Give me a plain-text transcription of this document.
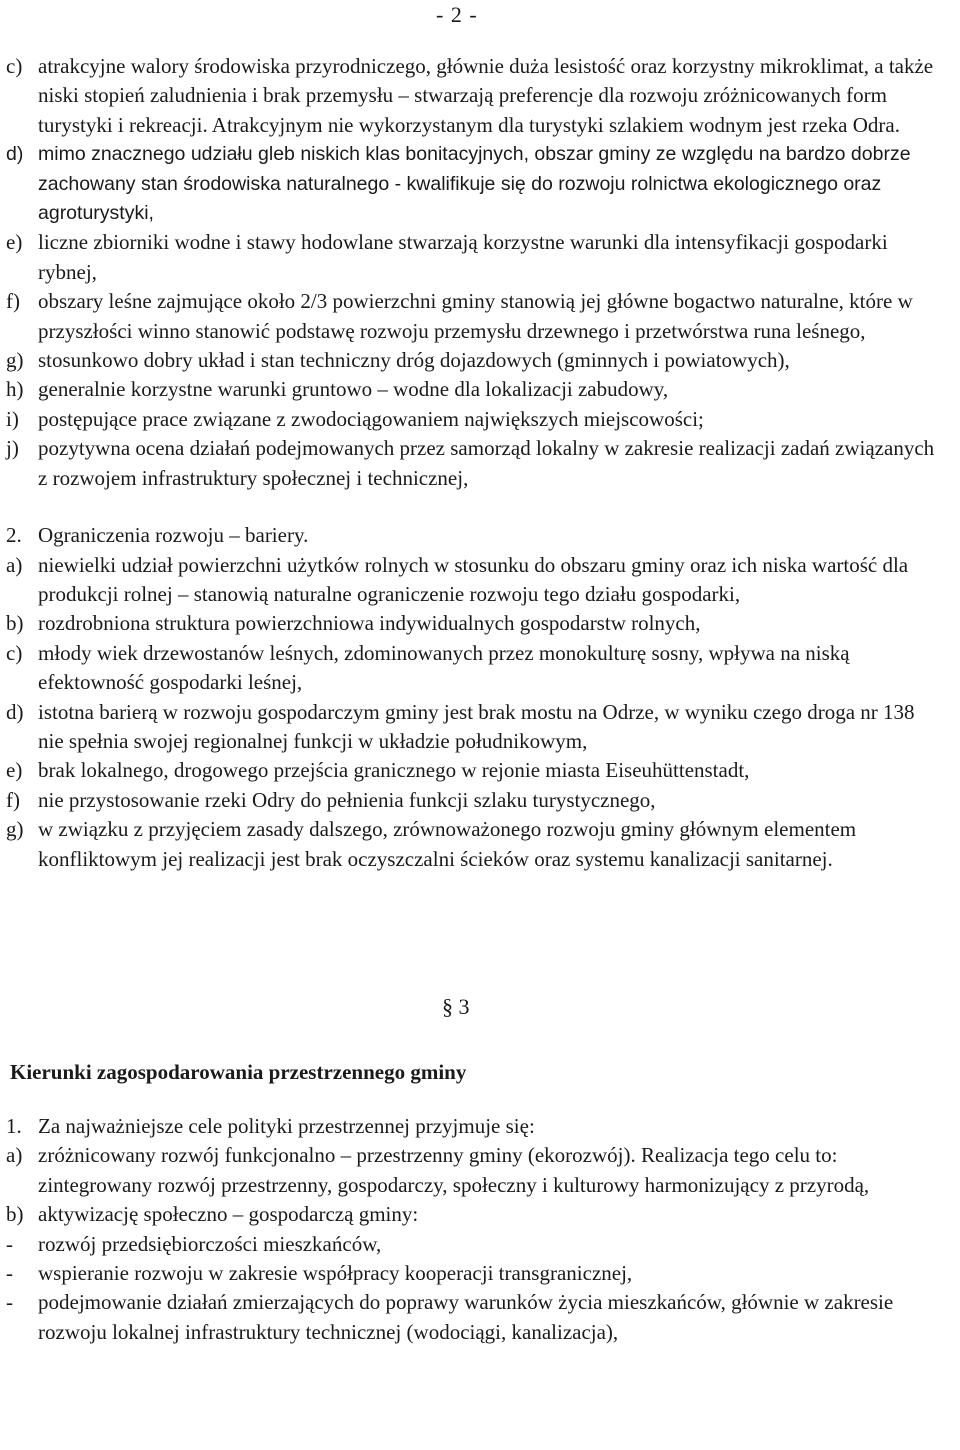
- 2 -
c) atrakcyjne walory środowiska przyrodniczego, głównie duża lesistość oraz korzystny mikroklimat, a także niski stopień zaludnienia i brak przemysłu – stwarzają preferencje dla rozwoju zróżnicowanych form turystyki i rekreacji. Atrakcyjnym nie wykorzystanym dla turystyki szlakiem wodnym jest rzeka Odra.
d) mimo znacznego udziału gleb niskich klas bonitacyjnych, obszar gminy ze względu na bardzo dobrze zachowany stan środowiska naturalnego - kwalifikuje się do rozwoju rolnictwa ekologicznego oraz agroturystyki,
e) liczne zbiorniki wodne i stawy hodowlane stwarzają korzystne warunki dla intensyfikacji gospodarki rybnej,
f) obszary leśne zajmujące około 2/3 powierzchni gminy stanowią jej główne bogactwo naturalne, które w przyszłości winno stanowić podstawę rozwoju przemysłu drzewnego i przetwórstwa runa leśnego,
g) stosunkowo dobry układ i stan techniczny dróg dojazdowych (gminnych i powiatowych),
h) generalnie korzystne warunki gruntowo – wodne dla lokalizacji zabudowy,
i) postępujące prace związane z zwodociągowaniem największych miejscowości;
j) pozytywna ocena działań podejmowanych przez samorząd lokalny w zakresie realizacji zadań związanych z rozwojem infrastruktury społecznej i technicznej,
2. Ograniczenia rozwoju – bariery.
a) niewielki udział powierzchni użytków rolnych w stosunku do obszaru gminy oraz ich niska wartość dla produkcji rolnej – stanowią naturalne ograniczenie rozwoju tego działu gospodarki,
b) rozdrobniona struktura powierzchniowa indywidualnych gospodarstw rolnych,
c) młody wiek drzewostanów leśnych, zdominowanych przez monokulturę sosny, wpływa na niską efektowność gospodarki leśnej,
d) istotna barierą w rozwoju gospodarczym gminy jest brak mostu na Odrze, w wyniku czego droga nr 138 nie spełnia swojej regionalnej funkcji w układzie południkowym,
e) brak lokalnego, drogowego przejścia granicznego w rejonie miasta Eiseuhüttenstadt,
f) nie przystosowanie rzeki Odry do pełnienia funkcji szlaku turystycznego,
g) w związku z przyjęciem zasady dalszego, zrównoważonego rozwoju gminy głównym elementem konfliktowym jej realizacji jest brak oczyszczalni ścieków oraz systemu kanalizacji sanitarnej.
§ 3
Kierunki zagospodarowania przestrzennego gminy
1. Za najważniejsze cele polityki przestrzennej przyjmuje się:
a) zróżnicowany rozwój funkcjonalno – przestrzenny gminy (ekorozwój). Realizacja tego celu to: zintegrowany rozwój przestrzenny, gospodarczy, społeczny i kulturowy harmonizujący z przyrodą,
b) aktywizację społeczno – gospodarczą gminy:
- rozwój przedsiębiorczości mieszkańców,
- wspieranie rozwoju w zakresie współpracy kooperacji transgranicznej,
- podejmowanie działań zmierzających do poprawy warunków życia mieszkańców, głównie w zakresie rozwoju lokalnej infrastruktury technicznej (wodociągi, kanalizacja),
